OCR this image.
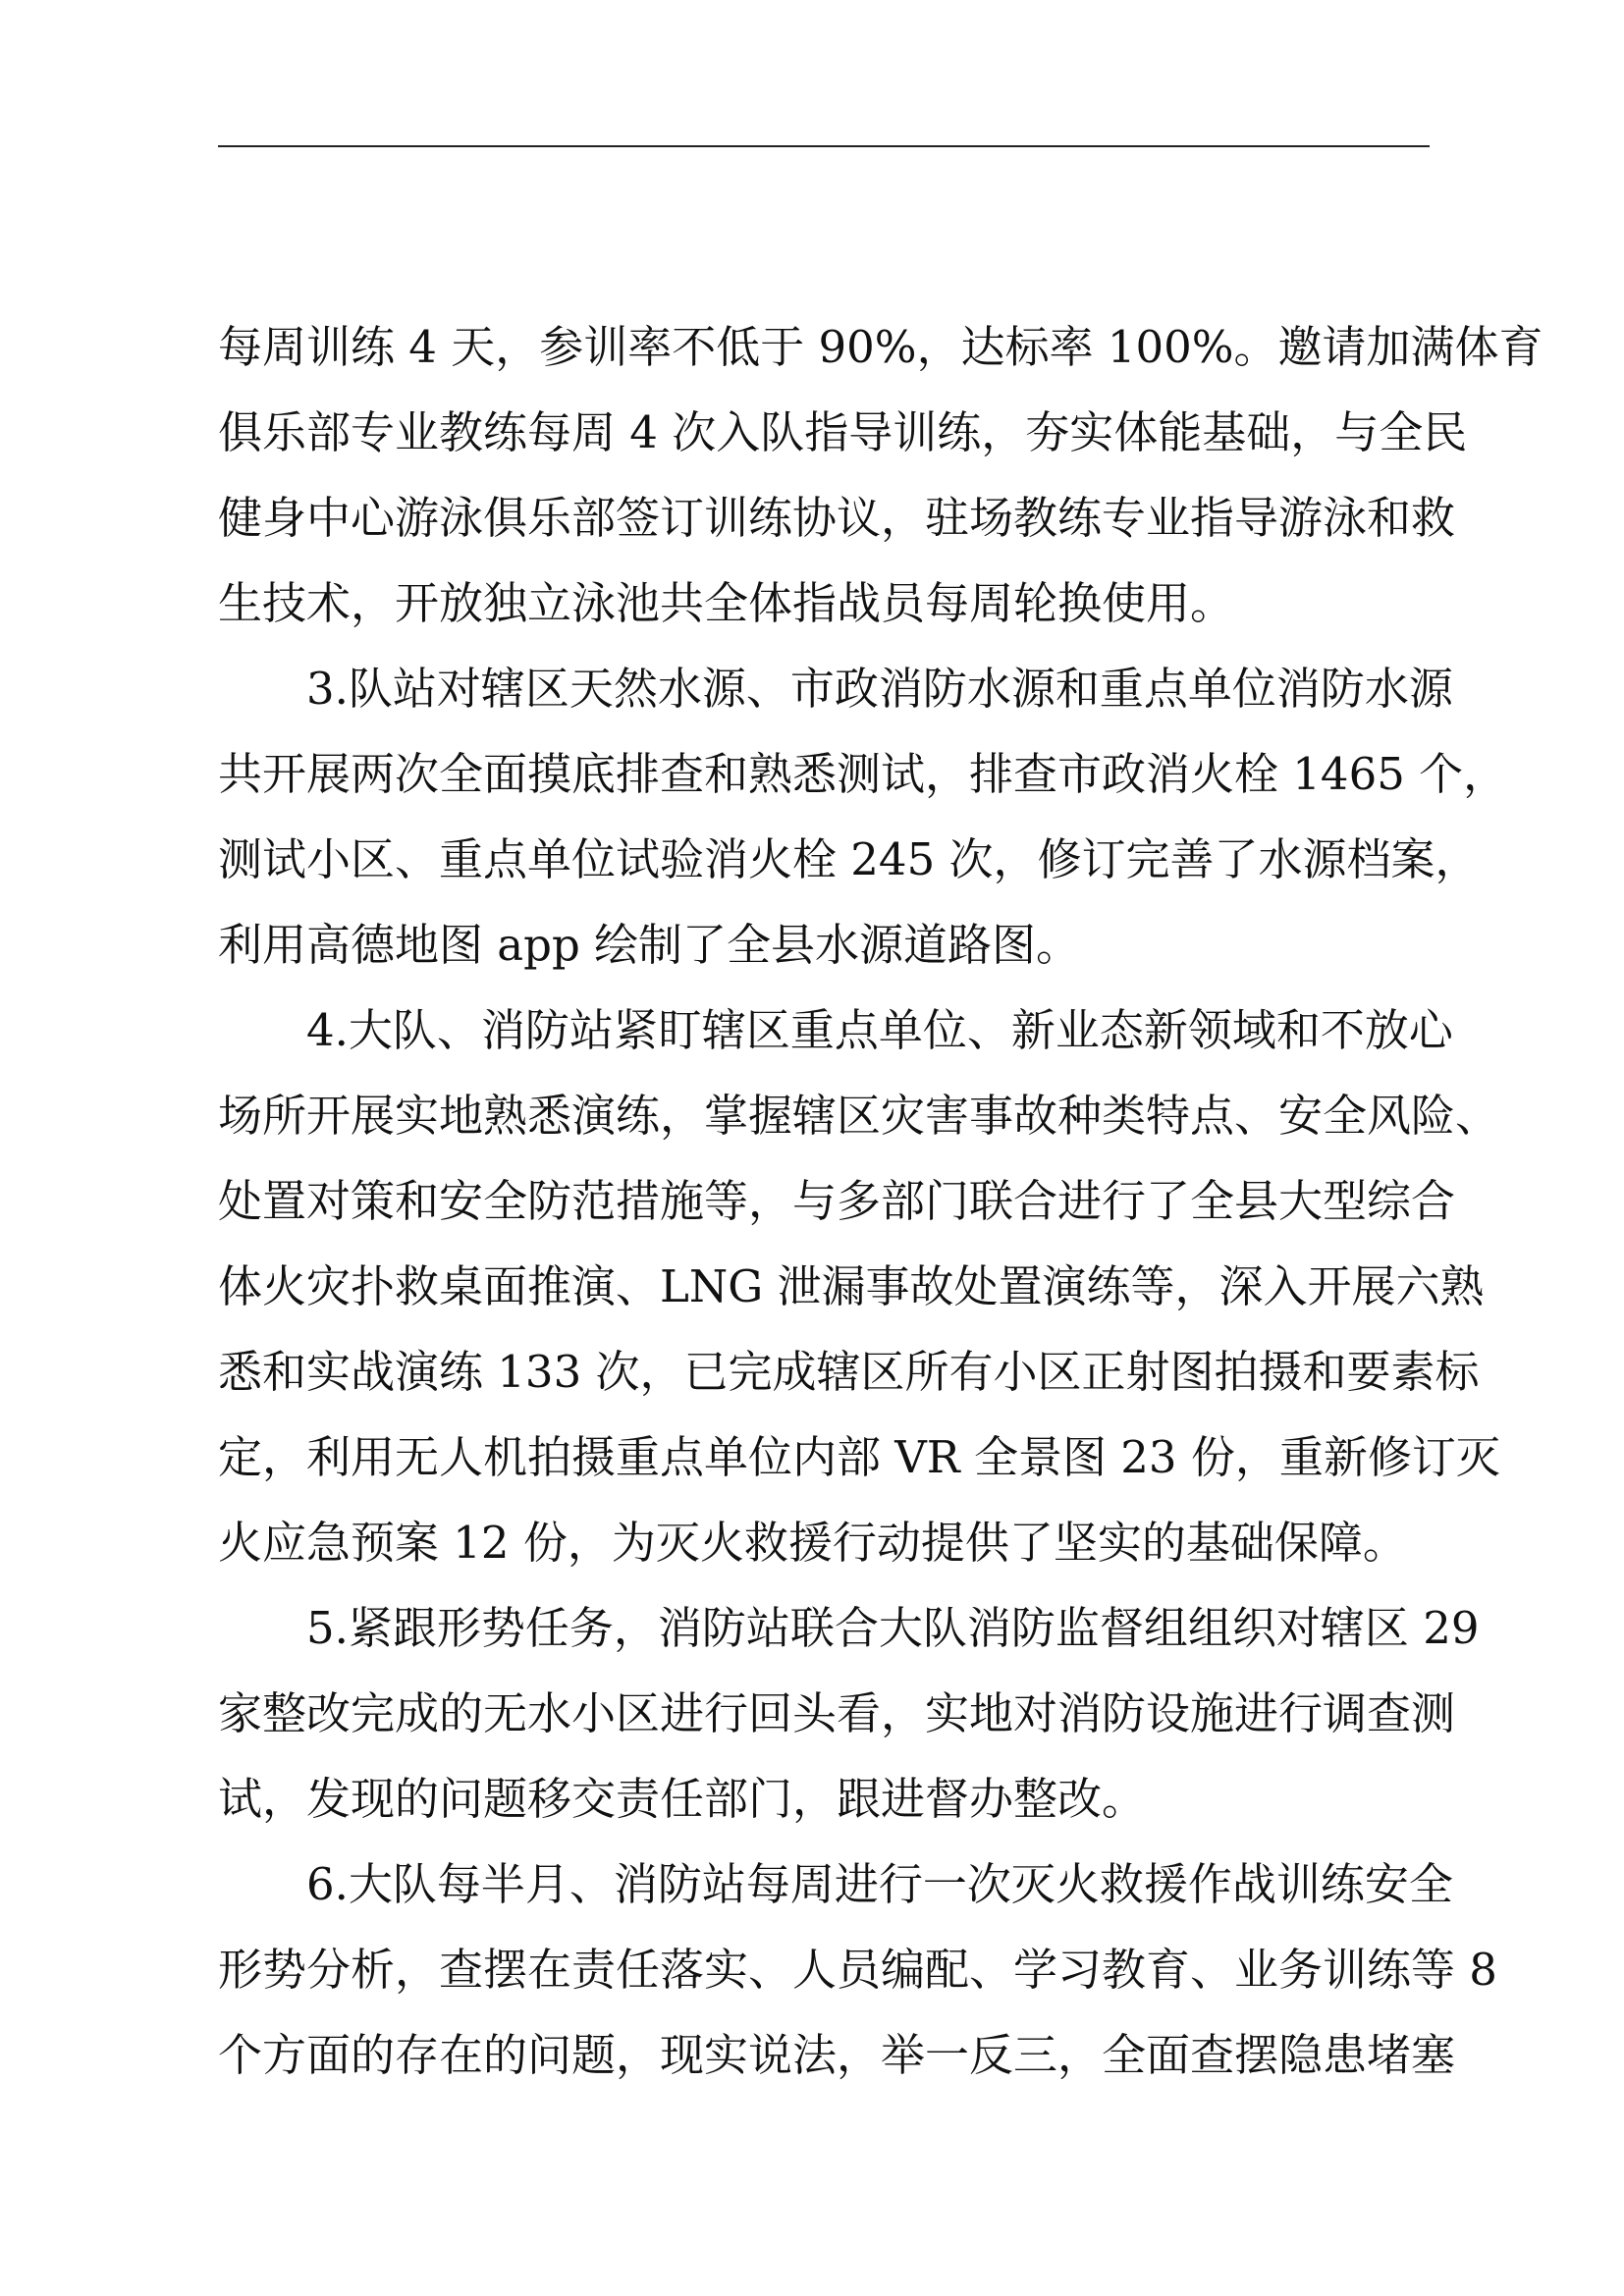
每周训练 4 天，参训率不低于 90%，达标率 100%。邀请加满体育
俱乐部专业教练每周 4 次入队指导训练，夯实体能基础，与全民
健身中心游泳俱乐部签订训练协议，驻场教练专业指导游泳和救
生技术，开放独立泳池共全体指战员每周轮换使用。
3.队站对辖区天然水源、市政消防水源和重点单位消防水源
共开展两次全面摸底排查和熟悉测试，排查市政消火栓 1465 个，
测试小区、重点单位试验消火栓 245 次，修订完善了水源档案，
利用高德地图 app 绘制了全县水源道路图。
4.大队、消防站紧盯辖区重点单位、新业态新领域和不放心
场所开展实地熟悉演练，掌握辖区灾害事故种类特点、安全风险、
处置对策和安全防范措施等，与多部门联合进行了全县大型综合
体火灾扑救桌面推演、LNG 泄漏事故处置演练等，深入开展六熟
悉和实战演练 133 次，已完成辖区所有小区正射图拍摄和要素标
定，利用无人机拍摄重点单位内部 VR 全景图 23 份，重新修订灭
火应急预案 12 份，为灭火救援行动提供了坚实的基础保障。
5.紧跟形势任务，消防站联合大队消防监督组组织对辖区 29
家整改完成的无水小区进行回头看，实地对消防设施进行调查测
试，发现的问题移交责任部门，跟进督办整改。
6.大队每半月、消防站每周进行一次灭火救援作战训练安全
形势分析，查摆在责任落实、人员编配、学习教育、业务训练等 8
个方面的存在的问题，现实说法，举一反三，全面查摆隐患堵塞
